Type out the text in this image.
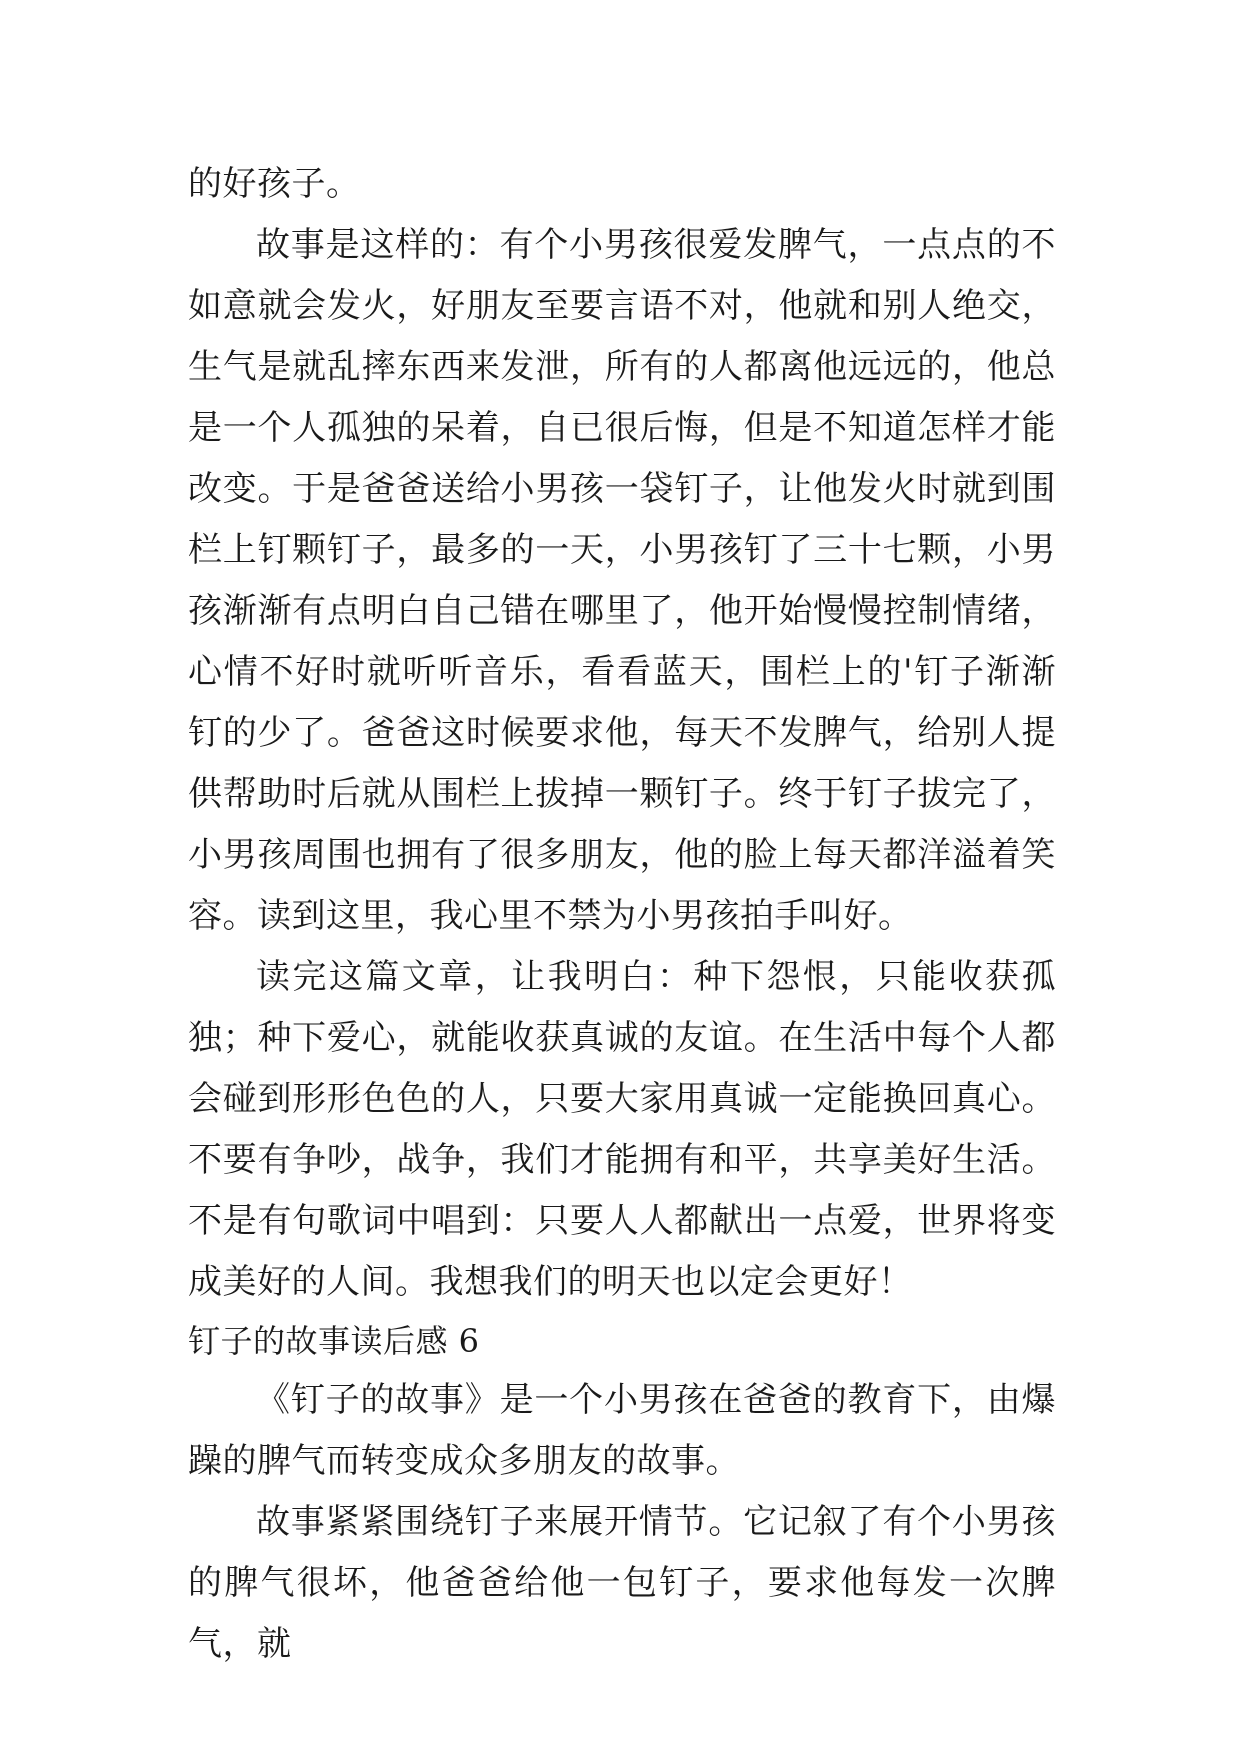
的好孩子。

故事是这样的：有个小男孩很爱发脾气，一点点的不如意就会发火，好朋友至要言语不对，他就和别人绝交，生气是就乱摔东西来发泄，所有的人都离他远远的，他总是一个人孤独的呆着，自已很后悔，但是不知道怎样才能改变。于是爸爸送给小男孩一袋钉子，让他发火时就到围栏上钉颗钉子，最多的一天，小男孩钉了三十七颗，小男孩渐渐有点明白自己错在哪里了，他开始慢慢控制情绪，心情不好时就听听音乐，看看蓝天，围栏上的'钉子渐渐钉的少了。爸爸这时候要求他，每天不发脾气，给别人提供帮助时后就从围栏上拔掉一颗钉子。终于钉子拔完了，小男孩周围也拥有了很多朋友，他的脸上每天都洋溢着笑容。读到这里，我心里不禁为小男孩拍手叫好。

读完这篇文章，让我明白：种下怨恨，只能收获孤独；种下爱心，就能收获真诚的友谊。在生活中每个人都会碰到形形色色的人，只要大家用真诚一定能换回真心。不要有争吵，战争，我们才能拥有和平，共享美好生活。不是有句歌词中唱到：只要人人都献出一点爱，世界将变成美好的人间。我想我们的明天也以定会更好！

钉子的故事读后感 6

《钉子的故事》是一个小男孩在爸爸的教育下，由爆躁的脾气而转变成众多朋友的故事。

故事紧紧围绕钉子来展开情节。它记叙了有个小男孩的脾气很坏，他爸爸给他一包钉子，要求他每发一次脾气，就
